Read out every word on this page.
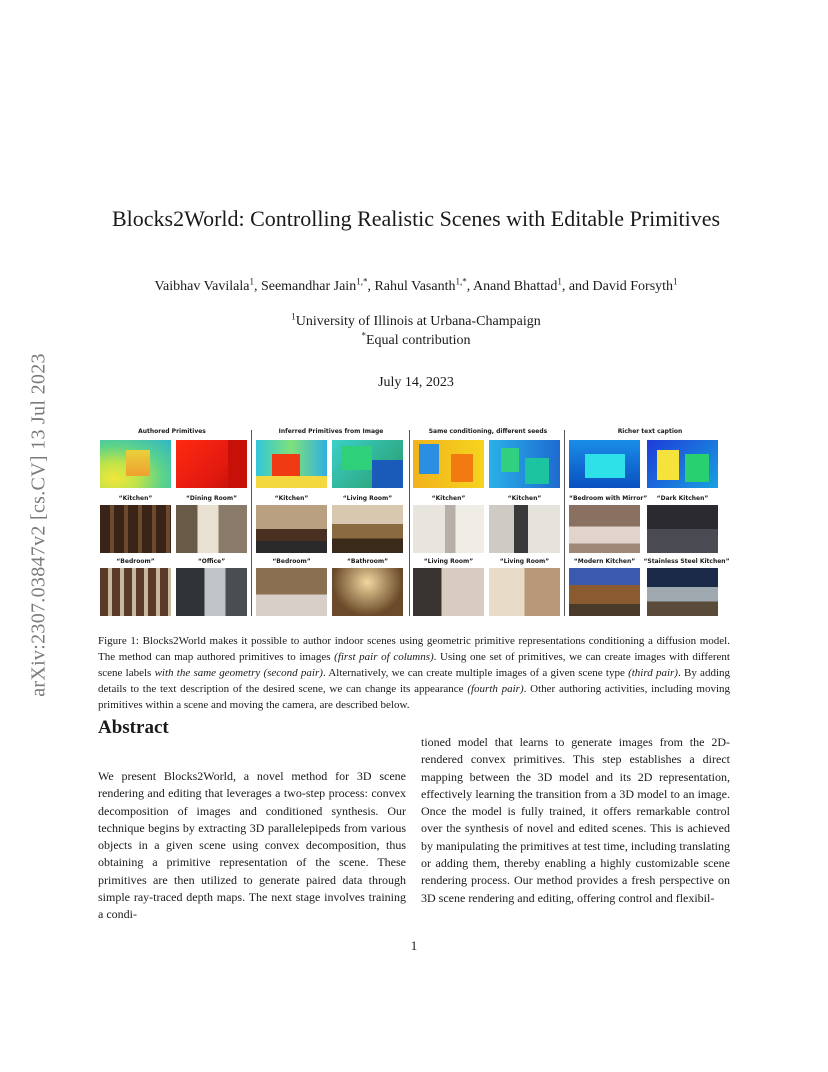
arXiv:2307.03847v2 [cs.CV] 13 Jul 2023
Blocks2World: Controlling Realistic Scenes with Editable Primitives
Vaibhav Vavilala$^1$, Seemandhar Jain$^{1,*}$, Rahul Vasanth$^{1,*}$, Anand Bhattad$^1$, and David Forsyth$^1$
$^1$University of Illinois at Urbana-Champaign
*Equal contribution
July 14, 2023
Authored Primitives	Inferred Primitives from Image	Same conditioning, different seeds	Richer text caption
“Kitchen”	“Dining Room”	“Kitchen”	“Living Room”	“Kitchen”	“Kitchen”	“Bedroom with Mirror”	“Dark Kitchen”
“Bedroom”	“Office”	“Bedroom”	“Bathroom”	“Living Room”	“Living Room”	“Modern Kitchen”	“Stainless Steel Kitchen”
Figure 1: Blocks2World makes it possible to author indoor scenes using geometric primitive representations conditioning a diffusion model. The method can map authored primitives to images (first pair of columns). Using one set of primitives, we can create images with different scene labels with the same geometry (second pair). Alternatively, we can create multiple images of a given scene type (third pair). By adding details to the text description of the desired scene, we can change its appearance (fourth pair). Other authoring activities, including moving primitives within a scene and moving the camera, are described below.
Abstract
We present Blocks2World, a novel method for 3D scene rendering and editing that leverages a two-step process: convex decomposition of images and conditioned synthesis. Our technique begins by extracting 3D parallelepipeds from various objects in a given scene using convex decomposition, thus obtaining a primitive representation of the scene. These primitives are then utilized to generate paired data through simple ray-traced depth maps. The next stage involves training a condi-
tioned model that learns to generate images from the 2D-rendered convex primitives. This step establishes a direct mapping between the 3D model and its 2D representation, effectively learning the transition from a 3D model to an image. Once the model is fully trained, it offers remarkable control over the synthesis of novel and edited scenes. This is achieved by manipulating the primitives at test time, including translating or adding them, thereby enabling a highly customizable scene rendering process. Our method provides a fresh perspective on 3D scene rendering and editing, offering control and flexibil-
1
